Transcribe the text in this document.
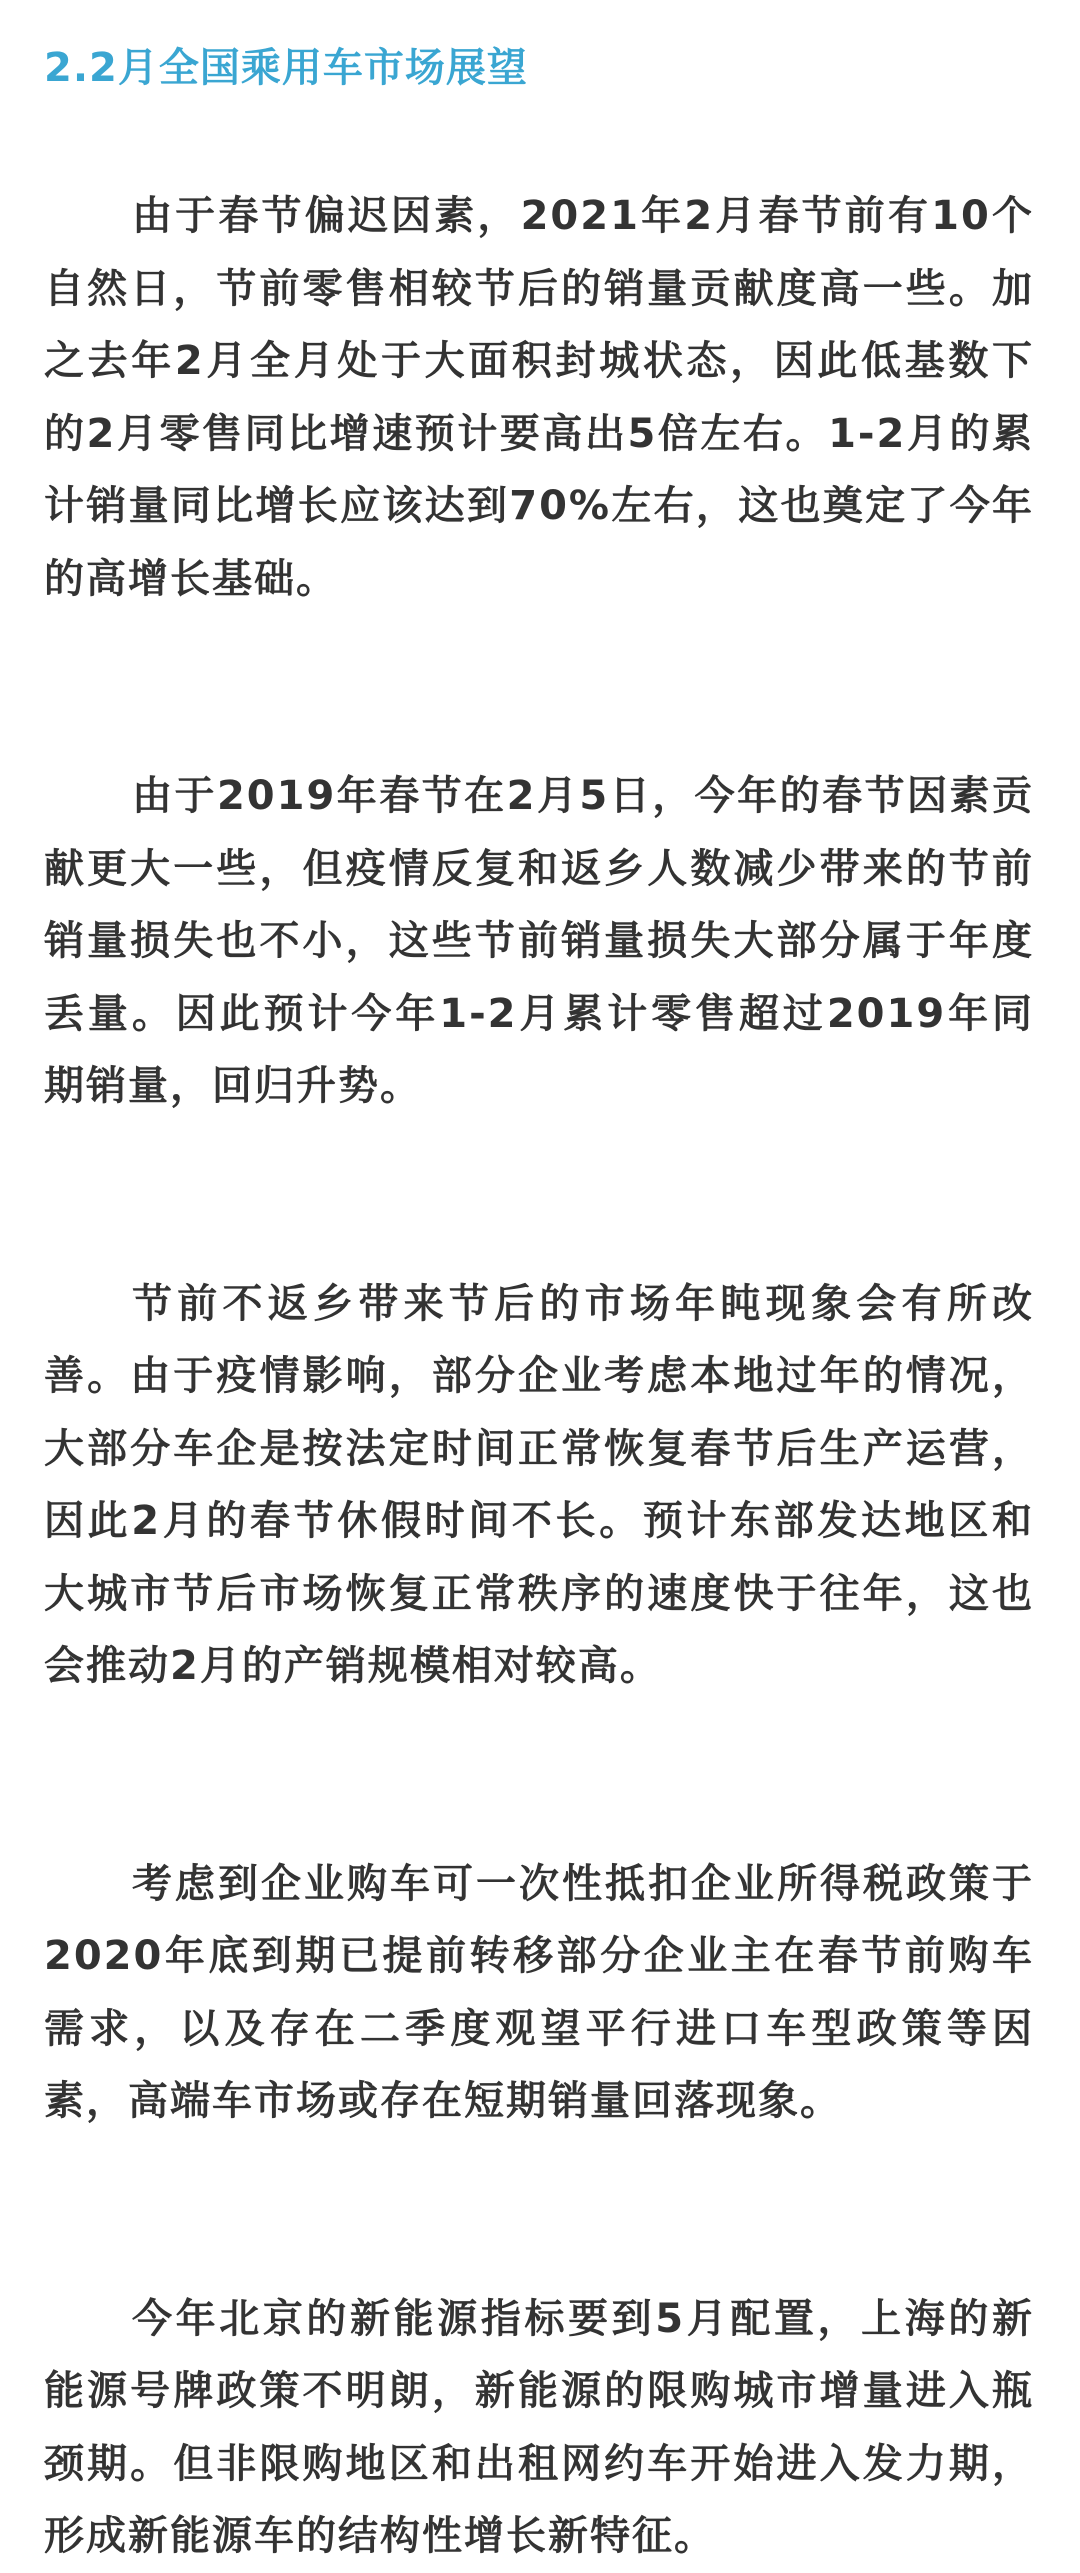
2.2月全国乘用车市场展望

由于春节偏迟因素，2021年2月春节前有10个自然日，节前零售相较节后的销量贡献度高一些。加之去年2月全月处于大面积封城状态，因此低基数下的2月零售同比增速预计要高出5倍左右。1-2月的累计销量同比增长应该达到70%左右，这也奠定了今年的高增长基础。

由于2019年春节在2月5日，今年的春节因素贡献更大一些，但疫情反复和返乡人数减少带来的节前销量损失也不小，这些节前销量损失大部分属于年度丢量。因此预计今年1-2月累计零售超过2019年同期销量，回归升势。

节前不返乡带来节后的市场年盹现象会有所改善。由于疫情影响，部分企业考虑本地过年的情况，大部分车企是按法定时间正常恢复春节后生产运营，因此2月的春节休假时间不长。预计东部发达地区和大城市节后市场恢复正常秩序的速度快于往年，这也会推动2月的产销规模相对较高。

考虑到企业购车可一次性抵扣企业所得税政策于2020年底到期已提前转移部分企业主在春节前购车需求，以及存在二季度观望平行进口车型政策等因素，高端车市场或存在短期销量回落现象。

今年北京的新能源指标要到5月配置，上海的新能源号牌政策不明朗，新能源的限购城市增量进入瓶颈期。但非限购地区和出租网约车开始进入发力期，形成新能源车的结构性增长新特征。
